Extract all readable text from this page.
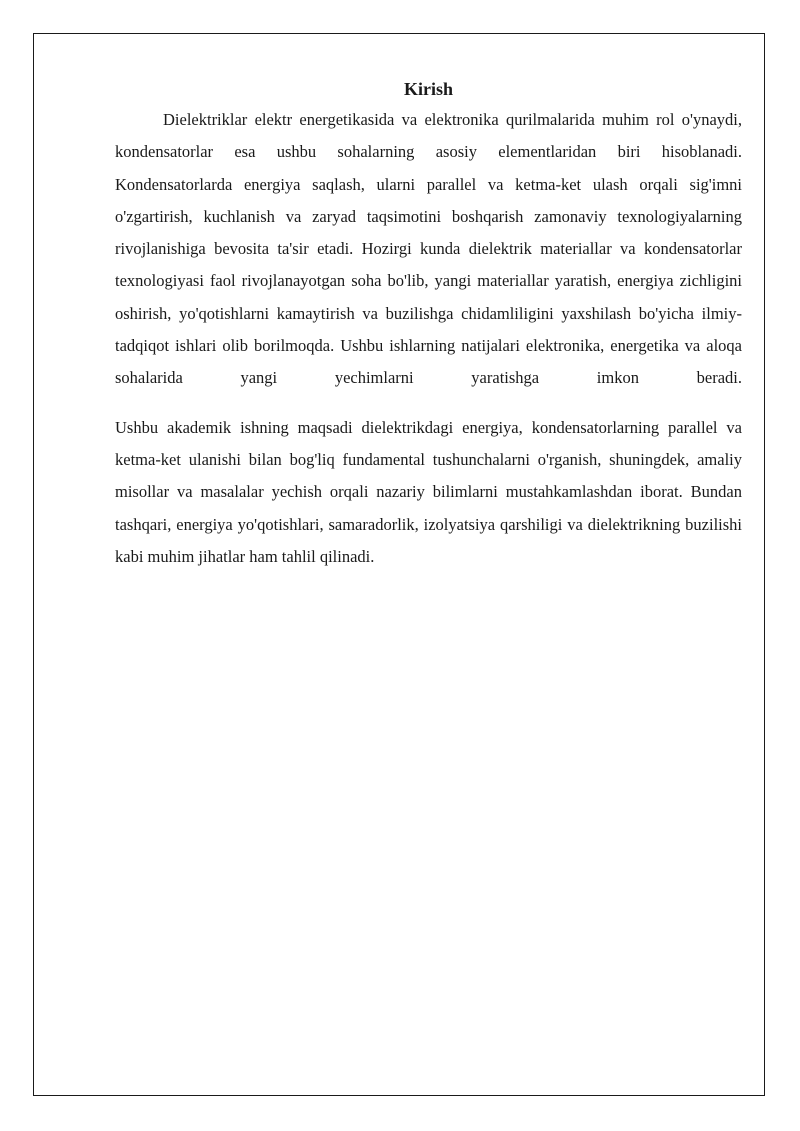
Kirish

Dielektriklar elektr energetikasida va elektronika qurilmalarida muhim rol o'ynaydi, kondensatorlar esa ushbu sohalarning asosiy elementlaridan biri hisoblanadi. Kondensatorlarda energiya saqlash, ularni parallel va ketma-ket ulash orqali sig'imni o'zgartirish, kuchlanish va zaryad taqsimotini boshqarish zamonaviy texnologiyalarning rivojlanishiga bevosita ta'sir etadi. Hozirgi kunda dielektrik materiallar va kondensatorlar texnologiyasi faol rivojlanayotgan soha bo'lib, yangi materiallar yaratish, energiya zichligini oshirish, yo'qotishlarni kamaytirish va buzilishga chidamliligini yaxshilash bo'yicha ilmiy-tadqiqot ishlari olib borilmoqda. Ushbu ishlarning natijalari elektronika, energetika va aloqa sohalarida yangi yechimlarni yaratishga imkon beradi.

Ushbu akademik ishning maqsadi dielektrikdagi energiya, kondensatorlarning parallel va ketma-ket ulanishi bilan bog'liq fundamental tushunchalarni o'rganish, shuningdek, amaliy misollar va masalalar yechish orqali nazariy bilimlarni mustahkamlashdan iborat. Bundan tashqari, energiya yo'qotishlari, samaradorlik, izolyatsiya qarshiligi va dielektrikning buzilishi kabi muhim jihatlar ham tahlil qilinadi.
